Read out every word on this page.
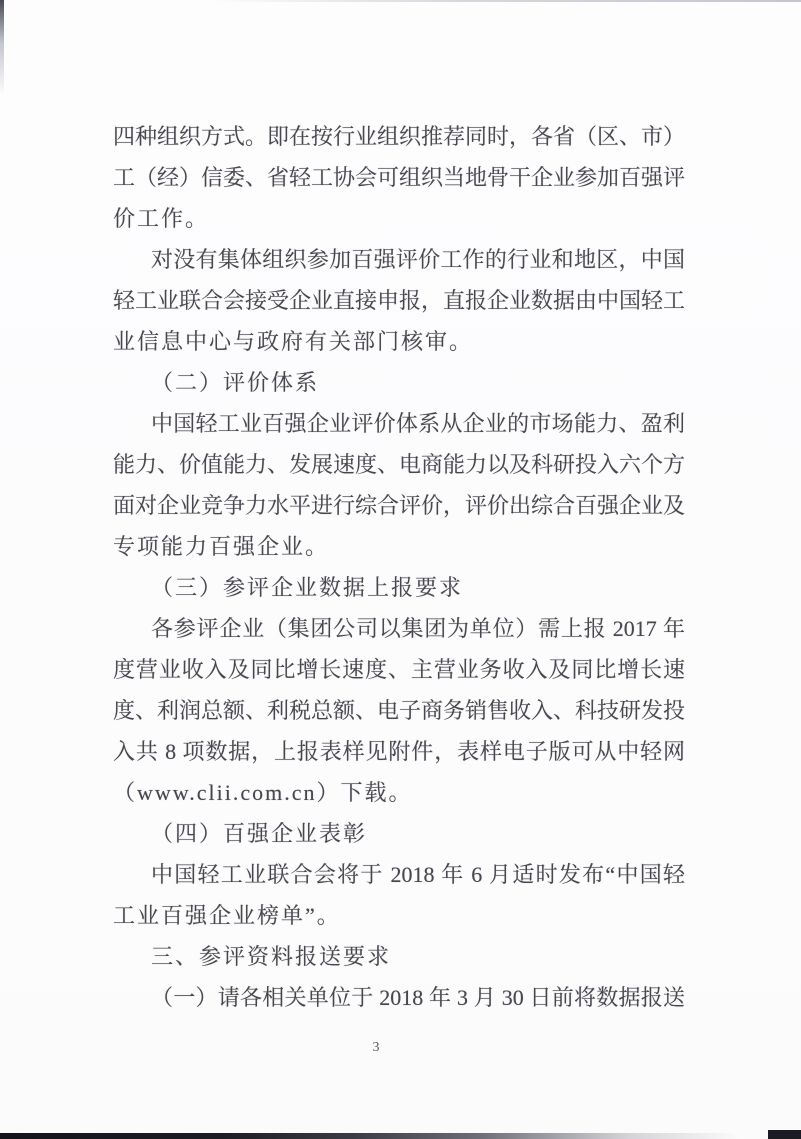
四种组织方式。即在按行业组织推荐同时，各省（区、市）
工（经）信委、省轻工协会可组织当地骨干企业参加百强评
价工作。
对没有集体组织参加百强评价工作的行业和地区，中国
轻工业联合会接受企业直接申报，直报企业数据由中国轻工
业信息中心与政府有关部门核审。
（二）评价体系
中国轻工业百强企业评价体系从企业的市场能力、盈利
能力、价值能力、发展速度、电商能力以及科研投入六个方
面对企业竞争力水平进行综合评价，评价出综合百强企业及
专项能力百强企业。
（三）参评企业数据上报要求
各参评企业（集团公司以集团为单位）需上报 2017 年
度营业收入及同比增长速度、主营业务收入及同比增长速
度、利润总额、利税总额、电子商务销售收入、科技研发投
入共 8 项数据，上报表样见附件，表样电子版可从中轻网
（www.clii.com.cn）下载。
（四）百强企业表彰
中国轻工业联合会将于 2018 年 6 月适时发布“中国轻
工业百强企业榜单”。
三、参评资料报送要求
（一）请各相关单位于 2018 年 3 月 30 日前将数据报送
3
